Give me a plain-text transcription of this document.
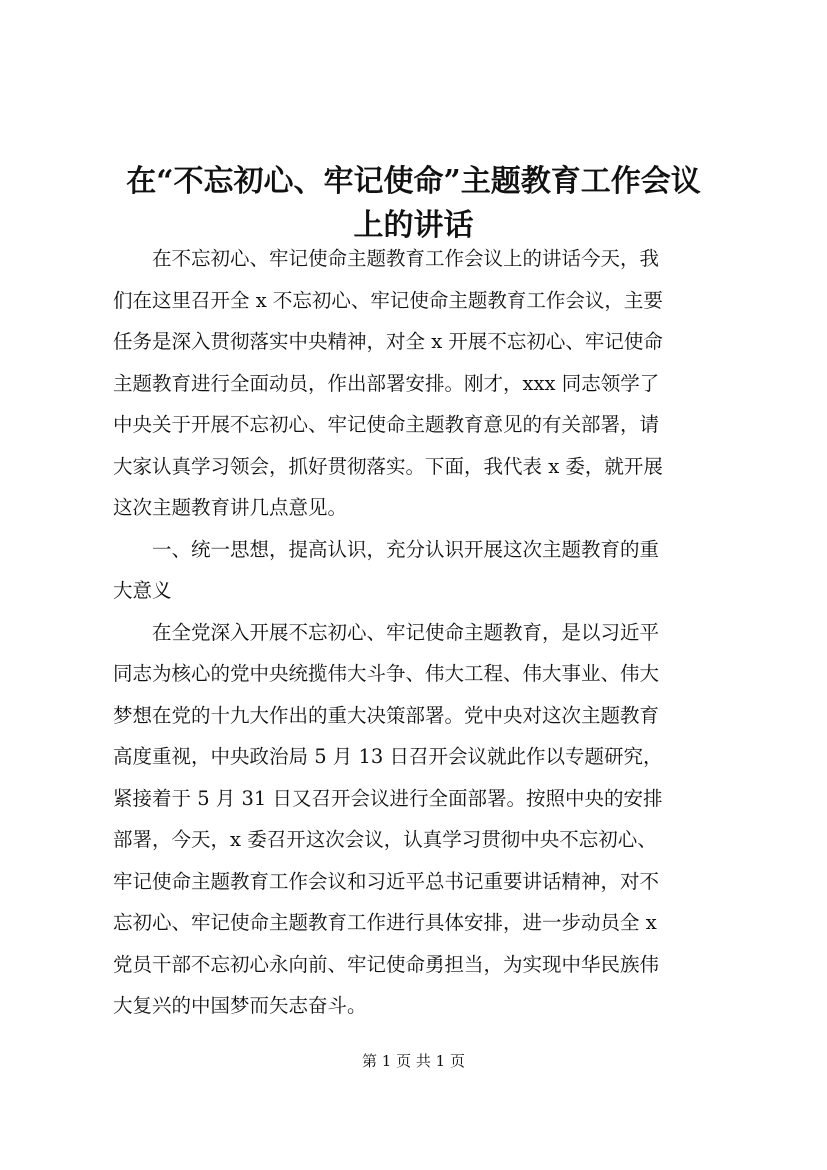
在“不忘初心、牢记使命”主题教育工作会议
上的讲话
　　在不忘初心、牢记使命主题教育工作会议上的讲话今天，我
们在这里召开全 x 不忘初心、牢记使命主题教育工作会议，主要
任务是深入贯彻落实中央精神，对全 x 开展不忘初心、牢记使命
主题教育进行全面动员，作出部署安排。刚才，xxx 同志领学了
中央关于开展不忘初心、牢记使命主题教育意见的有关部署，请
大家认真学习领会，抓好贯彻落实。下面，我代表 x 委，就开展
这次主题教育讲几点意见。
　　一、统一思想，提高认识，充分认识开展这次主题教育的重
大意义
　　在全党深入开展不忘初心、牢记使命主题教育，是以习近平
同志为核心的党中央统揽伟大斗争、伟大工程、伟大事业、伟大
梦想在党的十九大作出的重大决策部署。党中央对这次主题教育
高度重视，中央政治局 5 月 13 日召开会议就此作以专题研究，
紧接着于 5 月 31 日又召开会议进行全面部署。按照中央的安排
部署，今天，x 委召开这次会议，认真学习贯彻中央不忘初心、
牢记使命主题教育工作会议和习近平总书记重要讲话精神，对不
忘初心、牢记使命主题教育工作进行具体安排，进一步动员全 x
党员干部不忘初心永向前、牢记使命勇担当，为实现中华民族伟
大复兴的中国梦而矢志奋斗。
第 1 页 共 1 页
